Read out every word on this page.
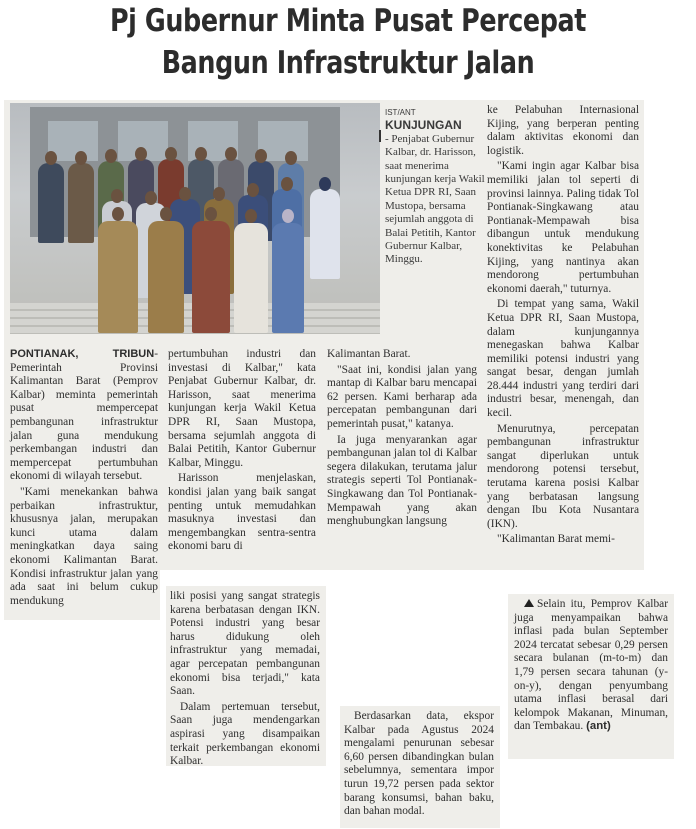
Pj Gubernur Minta Pusat Percepat
Bangun Infrastruktur Jalan
IST/ANT
KUNJUNGAN
- Penjabat Gubernur Kalbar, dr. Harisson, saat menerima kunjungan kerja Wakil Ketua DPR RI, Saan Mustopa, bersama sejumlah anggota di Balai Petitih, Kantor Gubernur Kalbar, Minggu.

PONTIANAK, TRIBUN- Pemerintah Provinsi Kalimantan Barat (Pemprov Kalbar) meminta pemerintah pusat mempercepat pembangunan infrastruktur jalan guna mendukung perkembangan industri dan mempercepat pertumbuhan ekonomi di wilayah tersebut.

"Kami menekankan bahwa perbaikan infrastruktur, khususnya jalan, merupakan kunci utama dalam meningkatkan daya saing ekonomi Kalimantan Barat. Kondisi infrastruktur jalan yang ada saat ini belum cukup mendukung

pertumbuhan industri dan investasi di Kalbar," kata Penjabat Gubernur Kalbar, dr. Harisson, saat menerima kunjungan kerja Wakil Ketua DPR RI, Saan Mustopa, bersama sejumlah anggota di Balai Petitih, Kantor Gubernur Kalbar, Minggu.

Harisson menjelaskan, kondisi jalan yang baik sangat penting untuk memudahkan masuknya investasi dan mengembangkan sentra-sentra ekonomi baru di

Kalimantan Barat.

"Saat ini, kondisi jalan yang mantap di Kalbar baru mencapai 62 persen. Kami berharap ada percepatan pembangunan dari pemerintah pusat," katanya.

Ia juga menyarankan agar pembangunan jalan tol di Kalbar segera dilakukan, terutama jalur strategis seperti Tol Pontianak-Singkawang dan Tol Pontianak-Mempawah yang akan menghubungkan langsung

ke Pelabuhan Internasional Kijing, yang berperan penting dalam aktivitas ekonomi dan logistik.

"Kami ingin agar Kalbar bisa memiliki jalan tol seperti di provinsi lainnya. Paling tidak Tol Pontianak-Singkawang atau Pontianak-Mempawah bisa dibangun untuk mendukung konektivitas ke Pelabuhan Kijing, yang nantinya akan mendorong pertumbuhan ekonomi daerah," tuturnya.

Di tempat yang sama, Wakil Ketua DPR RI, Saan Mustopa, dalam kunjungannya menegaskan bahwa Kalbar memiliki potensi industri yang sangat besar, dengan jumlah 28.444 industri yang terdiri dari industri besar, menengah, dan kecil.

Menurutnya, percepatan pembangunan infrastruktur sangat diperlukan untuk mendorong potensi tersebut, terutama karena posisi Kalbar yang berbatasan langsung dengan Ibu Kota Nusantara (IKN).

"Kalimantan Barat memi-

liki posisi yang sangat strategis karena berbatasan dengan IKN. Potensi industri yang besar harus didukung oleh infrastruktur yang memadai, agar percepatan pembangunan ekonomi bisa terjadi," kata Saan.

Dalam pertemuan tersebut, Saan juga mendengarkan aspirasi yang disampaikan terkait perkembangan ekonomi Kalbar.

Berdasarkan data, ekspor Kalbar pada Agustus 2024 mengalami penurunan sebesar 6,60 persen dibandingkan bulan sebelumnya, sementara impor turun 19,72 persen pada sektor barang konsumsi, bahan baku, dan bahan modal.

Selain itu, Pemprov Kalbar juga menyampaikan bahwa inflasi pada bulan September 2024 tercatat sebesar 0,29 persen secara bulanan (m-to-m) dan 1,79 persen secara tahunan (y-on-y), dengan penyumbang utama inflasi berasal dari kelompok Makanan, Minuman, dan Tembakau. (ant)
